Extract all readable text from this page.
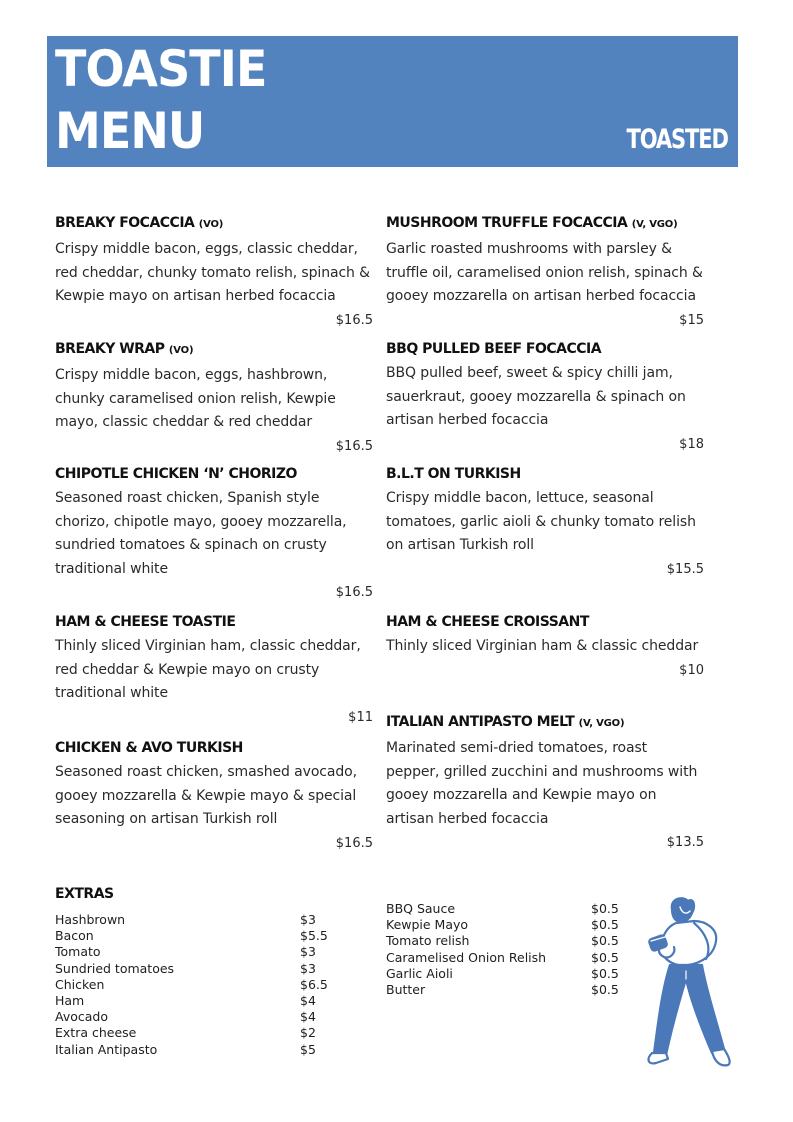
TOASTIE
MENU	TOASTED
BREAKY FOCACCIA (VO)
Crispy middle bacon, eggs, classic cheddar, red cheddar, chunky tomato relish, spinach & Kewpie mayo on artisan herbed focaccia
$16.5
BREAKY WRAP (VO)
Crispy middle bacon, eggs, hashbrown, chunky caramelised onion relish, Kewpie mayo, classic cheddar & red cheddar
$16.5
CHIPOTLE CHICKEN ‘N’ CHORIZO
Seasoned roast chicken, Spanish style chorizo, chipotle mayo, gooey mozzarella, sundried tomatoes & spinach on crusty traditional white
$16.5
HAM & CHEESE TOASTIE
Thinly sliced Virginian ham, classic cheddar, red cheddar & Kewpie mayo on crusty traditional white
$11
CHICKEN & AVO TURKISH
Seasoned roast chicken, smashed avocado, gooey mozzarella & Kewpie mayo & special seasoning on artisan Turkish roll
$16.5
MUSHROOM TRUFFLE FOCACCIA (V, VGO)
Garlic roasted mushrooms with parsley & truffle oil, caramelised onion relish, spinach & gooey mozzarella on artisan herbed focaccia
$15
BBQ PULLED BEEF FOCACCIA
BBQ pulled beef, sweet & spicy chilli jam, sauerkraut, gooey mozzarella & spinach on artisan herbed focaccia
$18
B.L.T ON TURKISH
Crispy middle bacon, lettuce, seasonal tomatoes, garlic aioli & chunky tomato relish on artisan Turkish roll
$15.5
HAM & CHEESE CROISSANT
Thinly sliced Virginian ham & classic cheddar
$10
ITALIAN ANTIPASTO MELT (V, VGO)
Marinated semi-dried tomatoes, roast pepper, grilled zucchini and mushrooms with gooey mozzarella and Kewpie mayo on artisan herbed focaccia
$13.5
EXTRAS
Hashbrown	$3
Bacon	$5.5
Tomato	$3
Sundried tomatoes	$3
Chicken	$6.5
Ham	$4
Avocado	$4
Extra cheese	$2
Italian Antipasto	$5
BBQ Sauce	$0.5
Kewpie Mayo	$0.5
Tomato relish	$0.5
Caramelised Onion Relish	$0.5
Garlic Aioli	$0.5
Butter	$0.5
